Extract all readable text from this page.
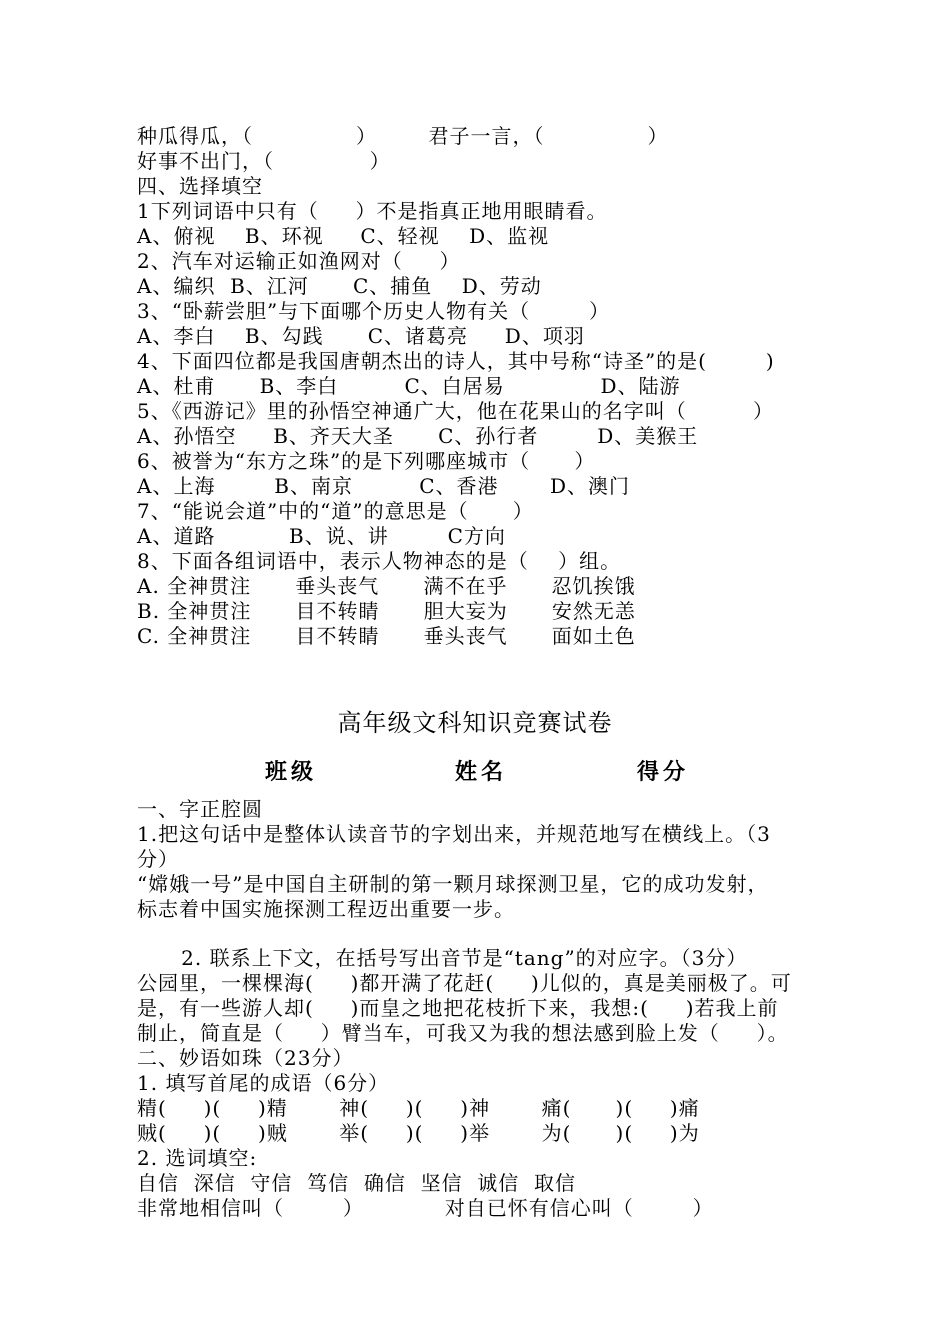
种瓜得瓜，（              ）       君子一言，（              ）
好事不出门，（             ）
四、选择填空
1下列词语中只有（     ）不是指真正地用眼睛看。
A、俯视    B、环视     C、轻视    D、监视
2、汽车对运输正如渔网对（     ）
A、编织  B、江河      C、捕鱼    D、劳动
3、“卧薪尝胆”与下面哪个历史人物有关（        ）
A、李白    B、勾践      C、诸葛亮     D、项羽
4、下面四位都是我国唐朝杰出的诗人，其中号称“诗圣”的是(        )
A、杜甫      B、李白         C、白居易             D、陆游
5、《西游记》里的孙悟空神通广大，他在花果山的名字叫（         ）
A、孙悟空     B、齐天大圣      C、孙行者        D、美猴王
6、被誉为“东方之珠”的是下列哪座城市（      ）
A、上海        B、南京         C、香港       D、澳门
7、“能说会道”中的“道”的意思是（      ）
A、道路          B、说、讲        C方向
8、下面各组词语中，表示人物神态的是（    ）组。
A. 全神贯注      垂头丧气      满不在乎      忍饥挨饿
B. 全神贯注      目不转睛      胆大妄为      安然无恙
C. 全神贯注      目不转睛      垂头丧气      面如土色
高年级文科知识竞赛试卷
班级	姓名	得分
一、字正腔圆
1.把这句话中是整体认读音节的字划出来，并规范地写在横线上。（3
分）
“嫦娥一号”是中国自主研制的第一颗月球探测卫星，它的成功发射，
标志着中国实施探测工程迈出重要一步。
2. 联系上下文，在括号写出音节是“tang”的对应字。（3分）
公园里，一棵棵海(     )都开满了花赶(     )儿似的，真是美丽极了。可
是，有一些游人却(     )而皇之地把花枝折下来，我想:(     )若我上前
制止，简直是（     ）臂当车，可我又为我的想法感到脸上发（     ）。
二、妙语如珠（23分）
1. 填写首尾的成语（6分）
精(     )(     )精       神(     )(     )神       痛(      )(     )痛
贼(     )(     )贼       举(     )(     )举       为(      )(     )为
2. 选词填空:
自信  深信  守信  笃信  确信  坚信  诚信  取信
非常地相信叫（        ）           对自已怀有信心叫（        ）
